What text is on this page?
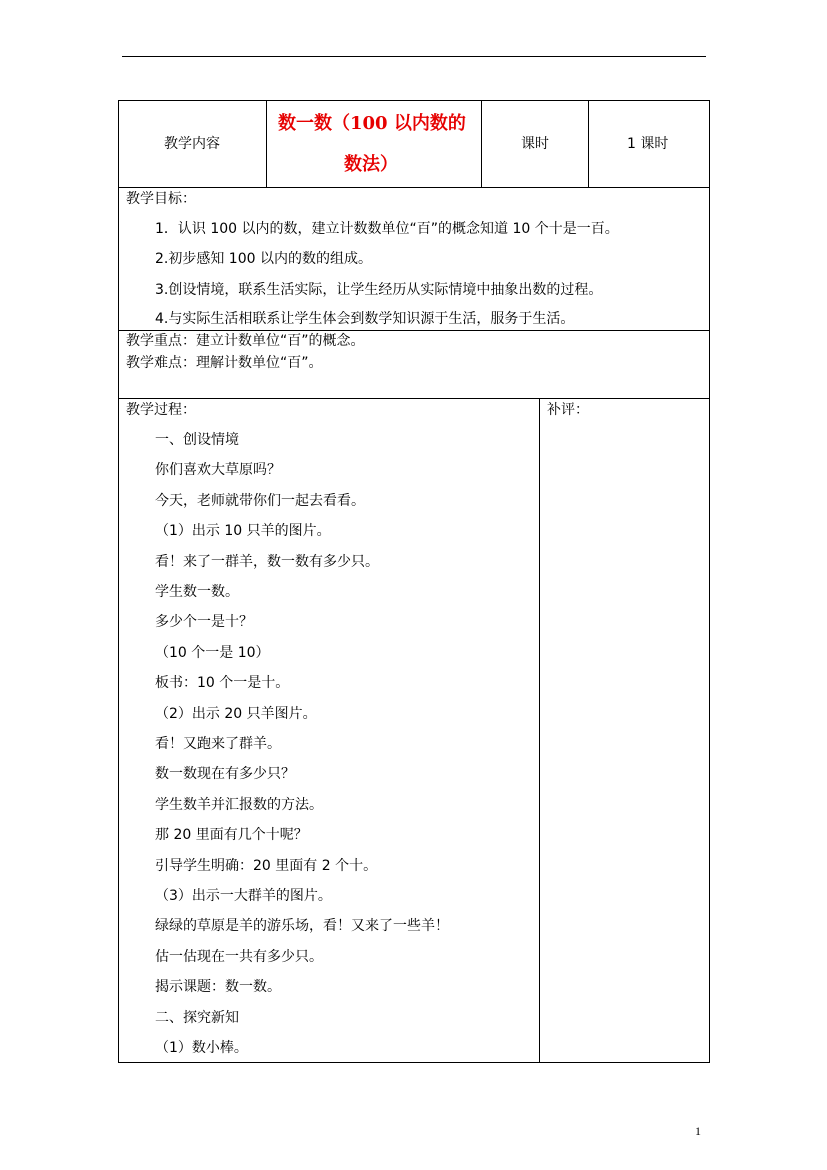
教学内容
数一数（100 以内数的
数法）
课时	1 课时
教学目标：
1．认识 100 以内的数，建立计数数单位“百”的概念知道 10 个十是一百。
2.初步感知 100 以内的数的组成。
3.创设情境，联系生活实际，让学生经历从实际情境中抽象出数的过程。
4.与实际生活相联系让学生体会到数学知识源于生活，服务于生活。
教学重点：建立计数单位“百”的概念。
教学难点：理解计数单位“百”。
教学过程：	补评：
一、创设情境
你们喜欢大草原吗？
今天，老师就带你们一起去看看。
（1）出示 10 只羊的图片。
看！来了一群羊，数一数有多少只。
学生数一数。
多少个一是十？
（10 个一是 10）
板书：10 个一是十。
（2）出示 20 只羊图片。
看！又跑来了群羊。
数一数现在有多少只？
学生数羊并汇报数的方法。
那 20 里面有几个十呢？
引导学生明确：20 里面有 2 个十。
（3）出示一大群羊的图片。
绿绿的草原是羊的游乐场，看！又来了一些羊！
估一估现在一共有多少只。
揭示课题：数一数。
二、探究新知
（1）数小棒。
1
